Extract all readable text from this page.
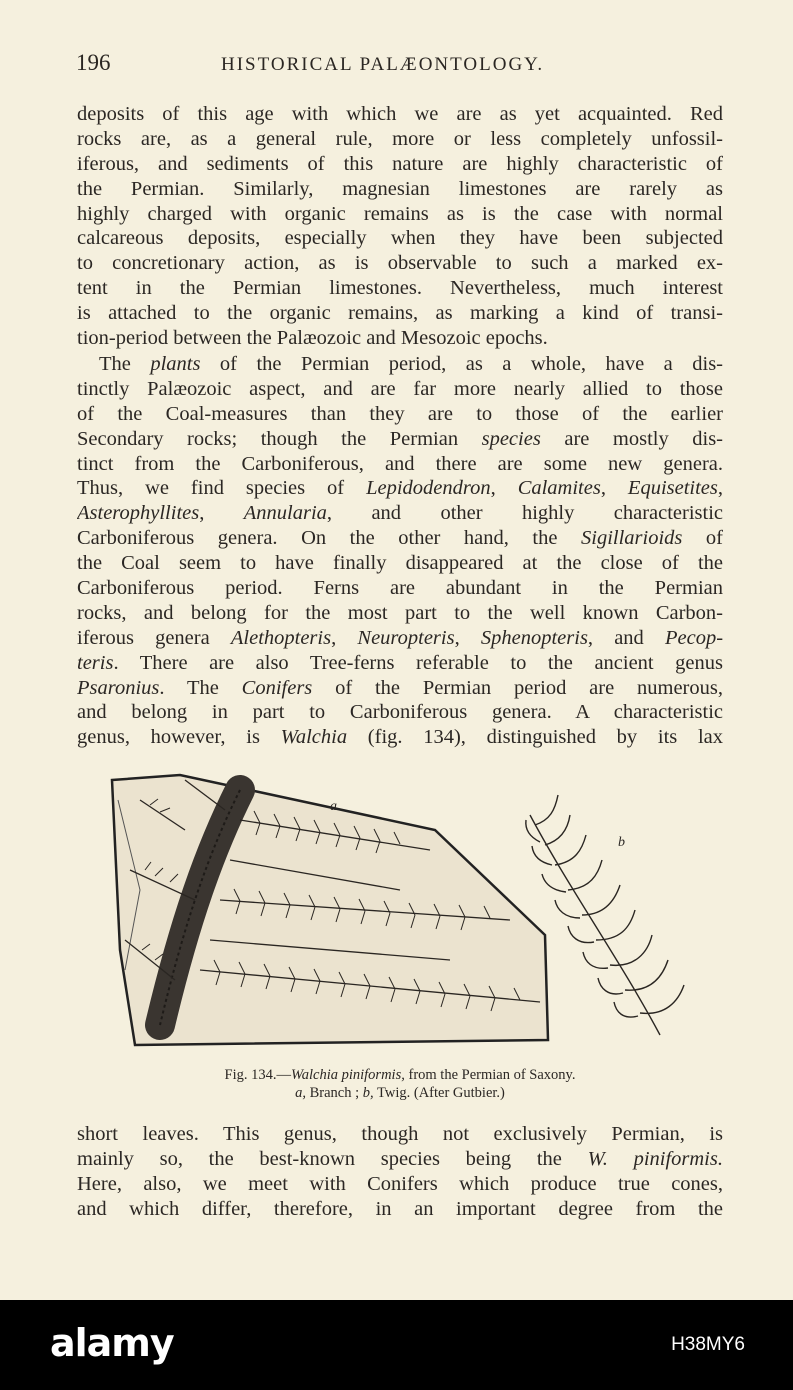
196	HISTORICAL PALÆONTOLOGY.
deposits of this age with which we are as yet acquainted. Red
rocks are, as a general rule, more or less completely unfossil-
iferous, and sediments of this nature are highly characteristic of
the Permian. Similarly, magnesian limestones are rarely as
highly charged with organic remains as is the case with normal
calcareous deposits, especially when they have been subjected
to concretionary action, as is observable to such a marked ex-
tent in the Permian limestones. Nevertheless, much interest
is attached to the organic remains, as marking a kind of transi-
tion-period between the Palæozoic and Mesozoic epochs.
The plants of the Permian period, as a whole, have a dis-
tinctly Palæozoic aspect, and are far more nearly allied to those
of the Coal-measures than they are to those of the earlier
Secondary rocks; though the Permian species are mostly dis-
tinct from the Carboniferous, and there are some new genera.
Thus, we find species of Lepidodendron, Calamites, Equisetites,
Asterophyllites, Annularia, and other highly characteristic
Carboniferous genera. On the other hand, the Sigillarioids of
the Coal seem to have finally disappeared at the close of the
Carboniferous period. Ferns are abundant in the Permian
rocks, and belong for the most part to the well known Carbon-
iferous genera Alethopteris, Neuropteris, Sphenopteris, and Pecop-
teris. There are also Tree-ferns referable to the ancient genus
Psaronius. The Conifers of the Permian period are numerous,
and belong in part to Carboniferous genera. A characteristic
genus, however, is Walchia (fig. 134), distinguished by its lax
a
b
Fig. 134.—Walchia piniformis, from the Permian of Saxony.
a, Branch ; b, Twig. (After Gutbier.)
short leaves. This genus, though not exclusively Permian, is
mainly so, the best-known species being the W. piniformis.
Here, also, we meet with Conifers which produce true cones,
and which differ, therefore, in an important degree from the
alamy	H38MY6
